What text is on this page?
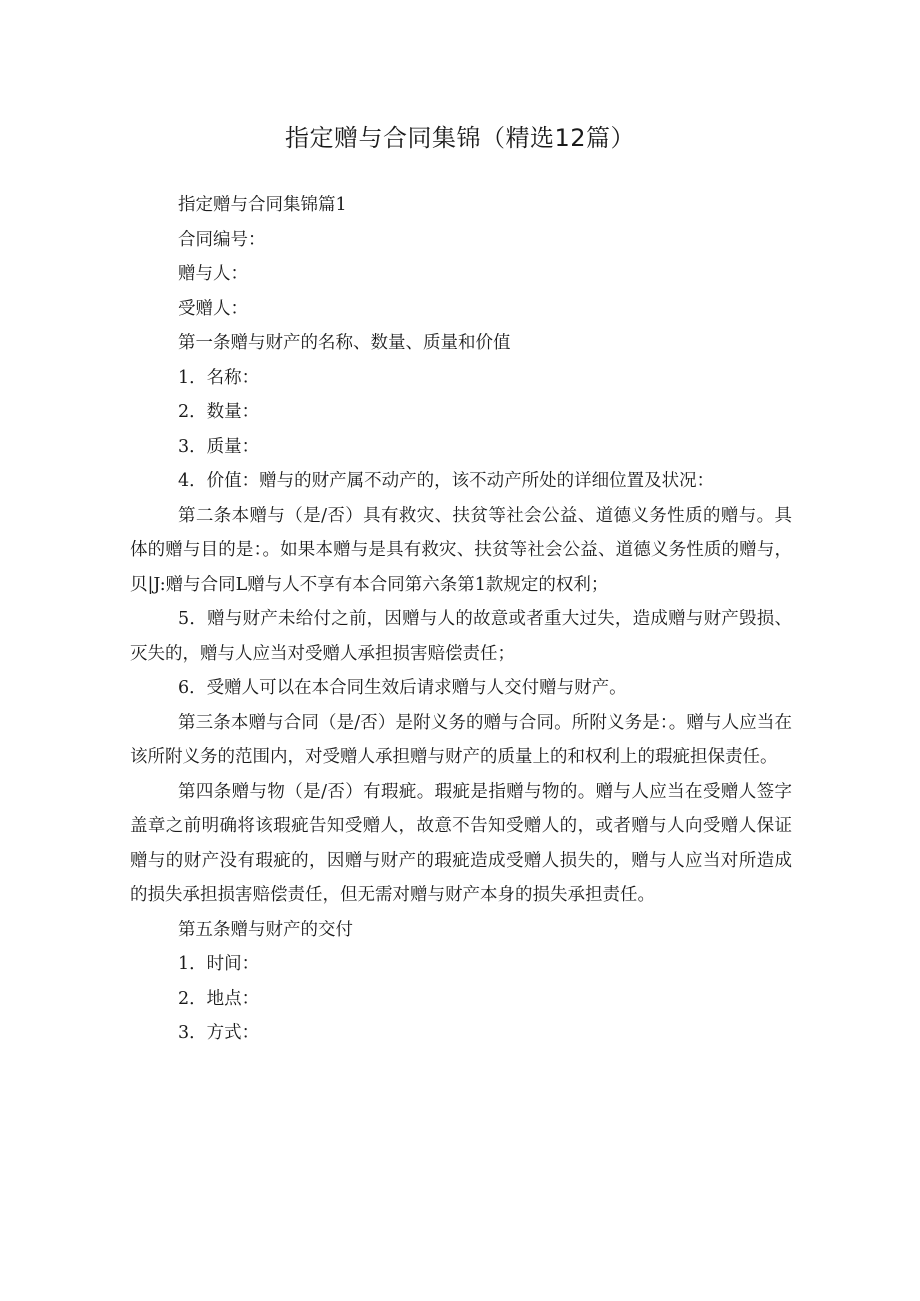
指定赠与合同集锦（精选12篇）
指定赠与合同集锦篇1
合同编号：
赠与人：
受赠人：
第一条赠与财产的名称、数量、质量和价值
1．名称：
2．数量：
3．质量：
4．价值：赠与的财产属不动产的，该不动产所处的详细位置及状况：
第二条本赠与（是/否）具有救灾、扶贫等社会公益、道德义务性质的赠与。具体的赠与目的是：。如果本赠与是具有救灾、扶贫等社会公益、道德义务性质的赠与，贝|J:赠与合同L赠与人不享有本合同第六条第1款规定的权利；
5．赠与财产未给付之前，因赠与人的故意或者重大过失，造成赠与财产毁损、灭失的，赠与人应当对受赠人承担损害赔偿责任；
6．受赠人可以在本合同生效后请求赠与人交付赠与财产。
第三条本赠与合同（是/否）是附义务的赠与合同。所附义务是：。赠与人应当在该所附义务的范围内，对受赠人承担赠与财产的质量上的和权利上的瑕疵担保责任。
第四条赠与物（是/否）有瑕疵。瑕疵是指赠与物的。赠与人应当在受赠人签字盖章之前明确将该瑕疵告知受赠人，故意不告知受赠人的，或者赠与人向受赠人保证赠与的财产没有瑕疵的，因赠与财产的瑕疵造成受赠人损失的，赠与人应当对所造成的损失承担损害赔偿责任，但无需对赠与财产本身的损失承担责任。
第五条赠与财产的交付
1．时间：
2．地点：
3．方式：
